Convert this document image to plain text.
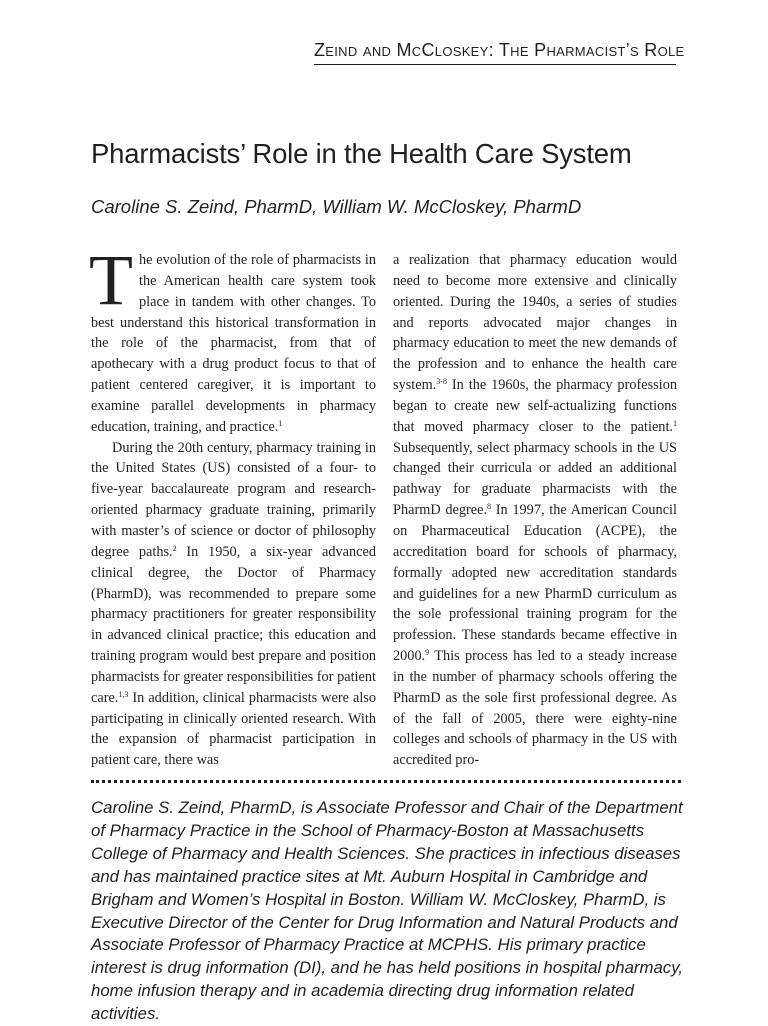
Zeind and McCloskey: The Pharmacist’s Role
Pharmacists’ Role in the Health Care System
Caroline S. Zeind, PharmD, William W. McCloskey, PharmD

The evolution of the role of pharmacists in the American health care system took place in tandem with other changes. To best understand this historical transformation in the role of the pharmacist, from that of apothecary with a drug product focus to that of patient centered caregiver, it is important to examine parallel developments in pharmacy education, training, and practice.$^1$

During the 20th century, pharmacy training in the United States (US) consisted of a four- to five-year baccalaureate program and research-oriented pharmacy graduate training, primarily with master’s of science or doctor of philosophy degree paths.$^2$ In 1950, a six-year advanced clinical degree, the Doctor of Pharmacy (PharmD), was recommended to prepare some pharmacy practitioners for greater responsibility in advanced clinical practice; this education and training program would best prepare and position pharmacists for greater responsibilities for patient care.$^{1,3}$ In addition, clinical pharmacists were also participating in clinically oriented research. With the expansion of pharmacist participation in patient care, there was

a realization that pharmacy education would need to become more extensive and clinically oriented. During the 1940s, a series of studies and reports advocated major changes in pharmacy education to meet the new demands of the profession and to enhance the health care system.$^{3-8}$ In the 1960s, the pharmacy profession began to create new self-actualizing functions that moved pharmacy closer to the patient.$^1$ Subsequently, select pharmacy schools in the US changed their curricula or added an additional pathway for graduate pharmacists with the PharmD degree.$^8$ In 1997, the American Council on Pharmaceutical Education (ACPE), the accreditation board for schools of pharmacy, formally adopted new accreditation standards and guidelines for a new PharmD curriculum as the sole professional training program for the profession. These standards became effective in 2000.$^9$ This process has led to a steady increase in the number of pharmacy schools offering the PharmD as the sole first professional degree. As of the fall of 2005, there were eighty-nine colleges and schools of pharmacy in the US with accredited pro-

Caroline S. Zeind, PharmD, is Associate Professor and Chair of the Department of Pharmacy Practice in the School of Pharmacy-Boston at Massachusetts College of Pharmacy and Health Sciences. She practices in infectious diseases and has maintained practice sites at Mt. Auburn Hospital in Cambridge and Brigham and Women’s Hospital in Boston. William W. McCloskey, PharmD, is Executive Director of the Center for Drug Information and Natural Products and Associate Professor of Pharmacy Practice at MCPHS. His primary practice interest is drug information (DI), and he has held positions in hospital pharmacy, home infusion therapy and in academia directing drug information related activities.
